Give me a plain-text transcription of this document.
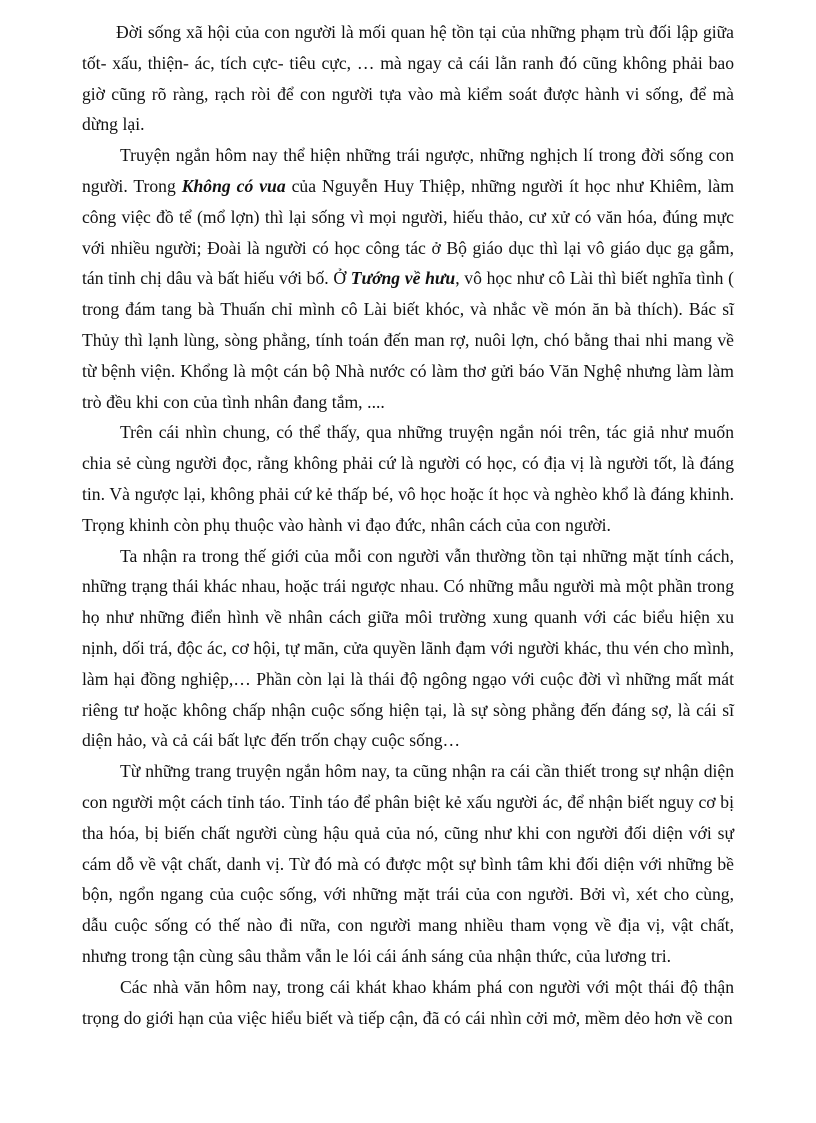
Đời sống xã hội của con người là mối quan hệ tồn tại của những phạm trù đối lập giữa tốt- xấu, thiện- ác, tích cực- tiêu cực, … mà ngay cả cái lằn ranh đó cũng không phải bao giờ cũng rõ ràng, rạch ròi để con người tựa vào mà kiểm soát được hành vi sống, để mà dừng lại.

Truyện ngắn hôm nay thể hiện những trái ngược, những nghịch lí trong đời sống con người. Trong Không có vua của Nguyễn Huy Thiệp, những người ít học như Khiêm, làm công việc đồ tể (mổ lợn) thì lại sống vì mọi người, hiếu thảo, cư xử có văn hóa, đúng mực với nhiều người; Đoài là người có học công tác ở Bộ giáo dục thì lại vô giáo dục gạ gẫm, tán tỉnh chị dâu và bất hiếu với bố. Ở Tướng về hưu, vô học như cô Lài thì biết nghĩa tình ( trong đám tang bà Thuấn chỉ mình cô Lài biết khóc, và nhắc về món ăn bà thích). Bác sĩ Thủy thì lạnh lùng, sòng phẳng, tính toán đến man rợ, nuôi lợn, chó bằng thai nhi mang về từ bệnh viện. Khổng là một cán bộ Nhà nước có làm thơ gửi báo Văn Nghệ nhưng làm làm trò đều khi con của tình nhân đang tắm, ....

Trên cái nhìn chung, có thể thấy, qua những truyện ngắn nói trên, tác giả như muốn chia sẻ cùng người đọc, rằng không phải cứ là người có học, có địa vị là người tốt, là đáng tin. Và ngược lại, không phải cứ kẻ thấp bé, vô học hoặc ít học và nghèo khổ là đáng khinh. Trọng khinh còn phụ thuộc vào hành vi đạo đức, nhân cách của con người.

Ta nhận ra trong thế giới của mỗi con người vẫn thường tồn tại những mặt tính cách, những trạng thái khác nhau, hoặc trái ngược nhau. Có những mẫu người mà một phần trong họ như những điển hình về nhân cách giữa môi trường xung quanh với các biểu hiện xu nịnh, dối trá, độc ác, cơ hội, tự mãn, cửa quyền lãnh đạm với người khác, thu vén cho mình, làm hại đồng nghiệp,… Phần còn lại là thái độ ngông ngạo với cuộc đời vì những mất mát riêng tư hoặc không chấp nhận cuộc sống hiện tại, là sự sòng phẳng đến đáng sợ, là cái sĩ diện hảo, và cả cái bất lực đến trốn chạy cuộc sống…

Từ những trang truyện ngắn hôm nay, ta cũng nhận ra cái cần thiết trong sự nhận diện con người một cách tỉnh táo. Tỉnh táo để phân biệt kẻ xấu người ác, để nhận biết nguy cơ bị tha hóa, bị biến chất người cùng hậu quả của nó, cũng như khi con người đối diện với sự cám dỗ về vật chất, danh vị. Từ đó mà có được một sự bình tâm khi đối diện với những bề bộn, ngổn ngang của cuộc sống, với những mặt trái của con người. Bởi vì, xét cho cùng, dẫu cuộc sống có thế nào đi nữa, con người mang nhiều tham vọng về địa vị, vật chất, nhưng trong tận cùng sâu thẳm vẫn le lói cái ánh sáng của nhận thức, của lương tri.

Các nhà văn hôm nay, trong cái khát khao khám phá con người với một thái độ thận trọng do giới hạn của việc hiểu biết và tiếp cận, đã có cái nhìn cởi mở, mềm dẻo hơn về con
